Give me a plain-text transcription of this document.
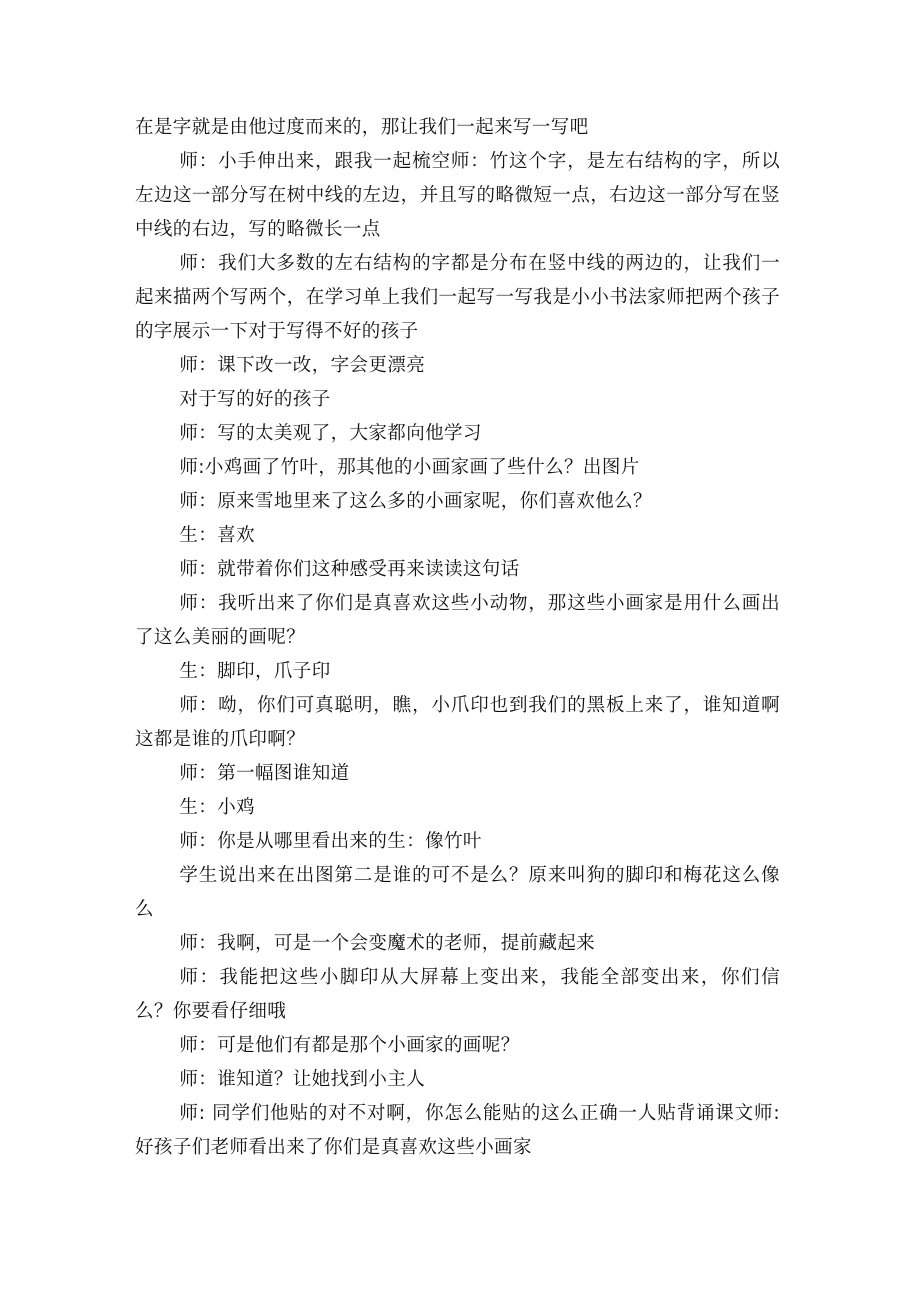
在是字就是由他过度而来的，那让我们一起来写一写吧

师：小手伸出来，跟我一起梳空师：竹这个字，是左右结构的字，所以左边这一部分写在树中线的左边，并且写的略微短一点，右边这一部分写在竖中线的右边，写的略微长一点

师：我们大多数的左右结构的字都是分布在竖中线的两边的，让我们一起来描两个写两个，在学习单上我们一起写一写我是小小书法家师把两个孩子的字展示一下对于写得不好的孩子

师：课下改一改，字会更漂亮

对于写的好的孩子

师：写的太美观了，大家都向他学习

师:小鸡画了竹叶，那其他的小画家画了些什么？出图片

师：原来雪地里来了这么多的小画家呢，你们喜欢他么？

生：喜欢

师：就带着你们这种感受再来读读这句话

师：我听出来了你们是真喜欢这些小动物，那这些小画家是用什么画出了这么美丽的画呢？

生：脚印，爪子印

师：呦，你们可真聪明，瞧，小爪印也到我们的黑板上来了，谁知道啊这都是谁的爪印啊？

师：第一幅图谁知道

生：小鸡

师：你是从哪里看出来的生：像竹叶

学生说出来在出图第二是谁的可不是么？原来叫狗的脚印和梅花这么像么

师：我啊，可是一个会变魔术的老师，提前藏起来

师：我能把这些小脚印从大屏幕上变出来，我能全部变出来，你们信么？你要看仔细哦

师：可是他们有都是那个小画家的画呢？

师：谁知道？让她找到小主人

师: 同学们他贴的对不对啊，你怎么能贴的这么正确一人贴背诵课文师:好孩子们老师看出来了你们是真喜欢这些小画家
